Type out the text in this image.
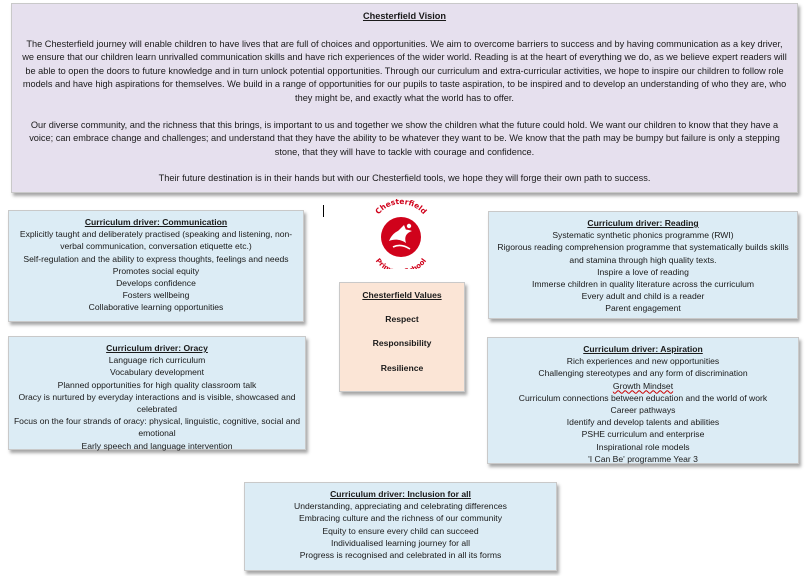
Chesterfield Vision

The Chesterfield journey will enable children to have lives that are full of choices and opportunities. We aim to overcome barriers to success and by having communication as a key driver, we ensure that our children learn unrivalled communication skills and have rich experiences of the wider world. Reading is at the heart of everything we do, as we believe expert readers will be able to open the doors to future knowledge and in turn unlock potential opportunities. Through our curriculum and extra-curricular activities, we hope to inspire our children to follow role models and have high aspirations for themselves. We build in a range of opportunities for our pupils to taste aspiration, to be inspired and to develop an understanding of who they are, who they might be, and exactly what the world has to offer.

Our diverse community, and the richness that this brings, is important to us and together we show the children what the future could hold. We want our children to know that they have a voice; can embrace change and challenges; and understand that they have the ability to be whatever they want to be. We know that the path may be bumpy but failure is only a stepping stone, that they will have to tackle with courage and confidence.

Their future destination is in their hands but with our Chesterfield tools, we hope they will forge their own path to success.

Chesterfield
Prim hool

Curriculum driver: Communication

Explicitly taught and deliberately practised (speaking and listening, non-verbal communication, conversation etiquette etc.)

Self-regulation and the ability to express thoughts, feelings and needs

Promotes social equity

Develops confidence

Fosters wellbeing

Collaborative learning opportunities

Curriculum driver: Oracy

Language rich curriculum

Vocabulary development

Planned opportunities for high quality classroom talk

Oracy is nurtured by everyday interactions and is visible, showcased and celebrated

Focus on the four strands of oracy: physical, linguistic, cognitive, social and emotional

Early speech and language intervention

Chesterfield Values

Respect

Responsibility

Resilience

Curriculum driver: Reading

Systematic synthetic phonics programme (RWI)

Rigorous reading comprehension programme that systematically builds skills and stamina through high quality texts.

Inspire a love of reading

Immerse children in quality literature across the curriculum

Every adult and child is a reader

Parent engagement

Curriculum driver: Aspiration

Rich experiences and new opportunities

Challenging stereotypes and any form of discrimination

Growth Mindset

Curriculum connections between education and the world of work

Career pathways

Identify and develop talents and abilities

PSHE curriculum and enterprise

Inspirational role models

'I Can Be' programme Year 3

Curriculum driver: Inclusion for all

Understanding, appreciating and celebrating differences

Embracing culture and the richness of our community

Equity to ensure every child can succeed

Individualised learning journey for all

Progress is recognised and celebrated in all its forms
